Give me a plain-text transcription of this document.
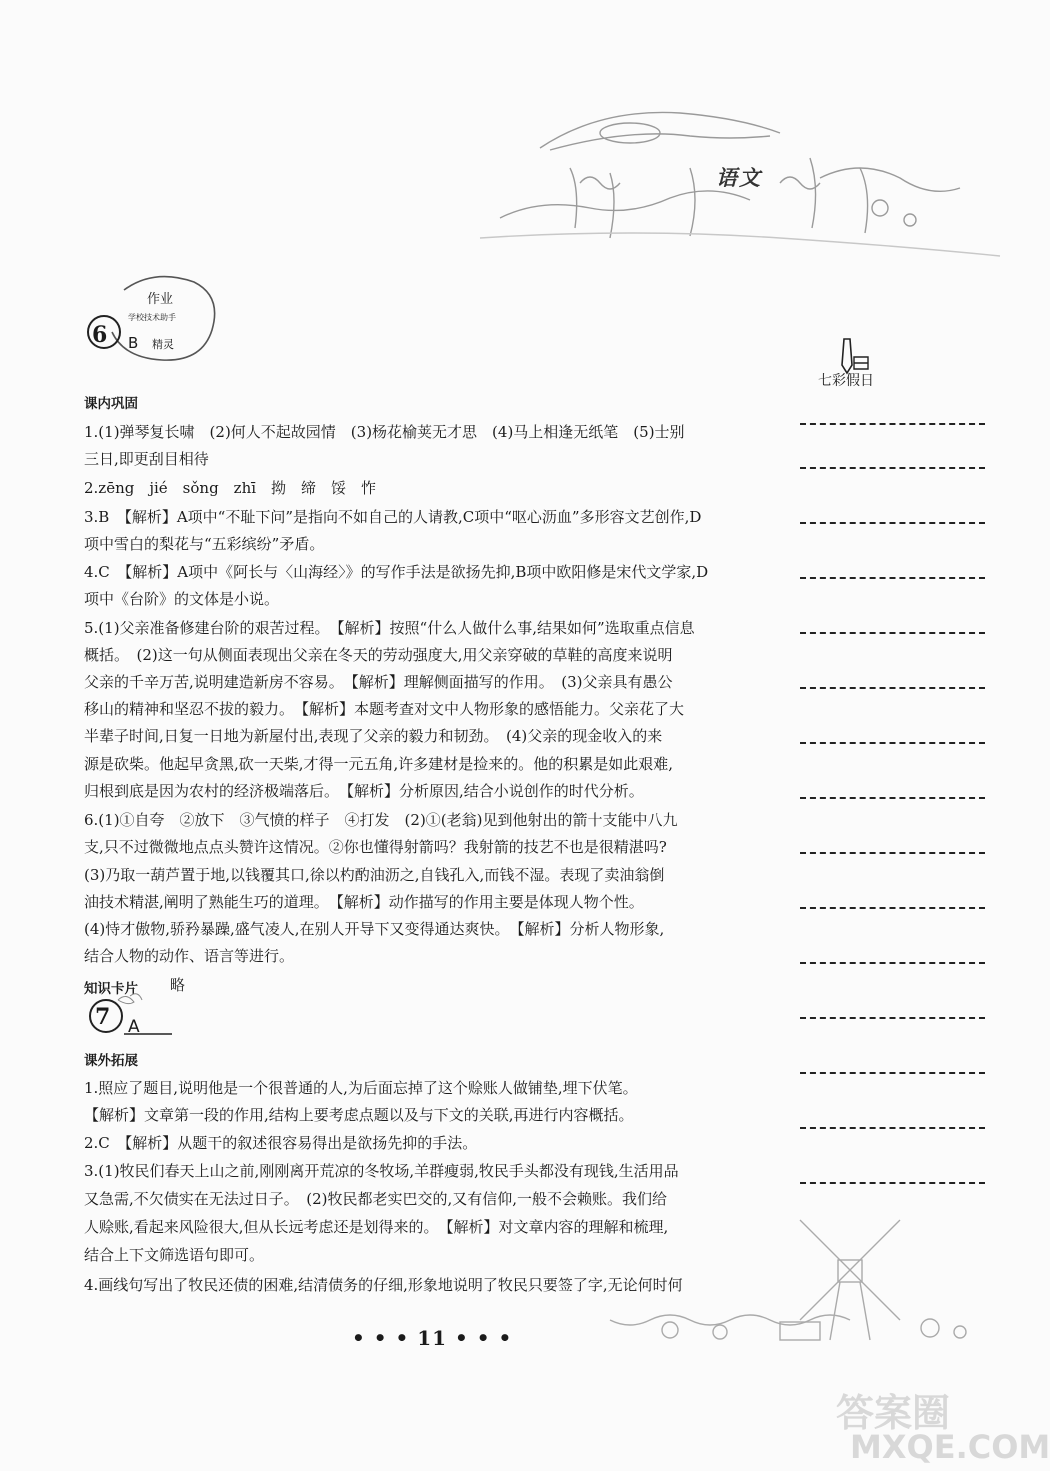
语文
6 B
作业
学校技术助手
精灵
课内巩固
1.(1)弹琴复长啸　(2)何人不起故园情　(3)杨花榆荚无才思　(4)马上相逢无纸笔　(5)士别
三日,即更刮目相待
2.zēng　jié　sǒng　zhī　拗　缔　馁　怍
3.B　【解析】A项中“不耻下问”是指向不如自己的人请教,C项中“呕心沥血”多形容文艺创作,D
项中雪白的梨花与“五彩缤纷”矛盾。
4.C　【解析】A项中《阿长与〈山海经〉》的写作手法是欲扬先抑,B项中欧阳修是宋代文学家,D
项中《台阶》的文体是小说。
5.(1)父亲准备修建台阶的艰苦过程。　【解析】按照“什么人做什么事,结果如何”选取重点信息
概括。　(2)这一句从侧面表现出父亲在冬天的劳动强度大,用父亲穿破的草鞋的高度来说明
父亲的千辛万苦,说明建造新房不容易。　【解析】理解侧面描写的作用。　(3)父亲具有愚公
移山的精神和坚忍不拔的毅力。　【解析】本题考查对文中人物形象的感悟能力。父亲花了大
半辈子时间,日复一日地为新屋付出,表现了父亲的毅力和韧劲。　(4)父亲的现金收入的来
源是砍柴。他起早贪黑,砍一天柴,才得一元五角,许多建材是捡来的。他的积累是如此艰难,
归根到底是因为农村的经济极端落后。　【解析】分析原因,结合小说创作的时代分析。
6.(1)①自夸　②放下　③气愤的样子　④打发　(2)①(老翁)见到他射出的箭十支能中八九
支,只不过微微地点点头赞许这情况。②你也懂得射箭吗？我射箭的技艺不也是很精湛吗?
(3)乃取一葫芦置于地,以钱覆其口,徐以杓酌油沥之,自钱孔入,而钱不湿。表现了卖油翁倒
油技术精湛,阐明了熟能生巧的道理。　【解析】动作描写的作用主要是体现人物个性。
(4)恃才傲物,骄矜暴躁,盛气凌人,在别人开导下又变得通达爽快。　【解析】分析人物形象,
结合人物的动作、语言等进行。
知识卡片 略
7 A
课外拓展
1.照应了题目,说明他是一个很普通的人,为后面忘掉了这个赊账人做铺垫,埋下伏笔。
【解析】文章第一段的作用,结构上要考虑点题以及与下文的关联,再进行内容概括。
2.C　【解析】从题干的叙述很容易得出是欲扬先抑的手法。
3.(1)牧民们春天上山之前,刚刚离开荒凉的冬牧场,羊群瘦弱,牧民手头都没有现钱,生活用品
又急需,不欠债实在无法过日子。　(2)牧民都老实巴交的,又有信仰,一般不会赖账。我们给
人赊账,看起来风险很大,但从长远考虑还是划得来的。　【解析】对文章内容的理解和梳理,
结合上下文筛选语句即可。
4.画线句写出了牧民还债的困难,结清债务的仔细,形象地说明了牧民只要签了字,无论何时何
七彩假日
• • • 11 • • •
答案圈
MXQE.COM
